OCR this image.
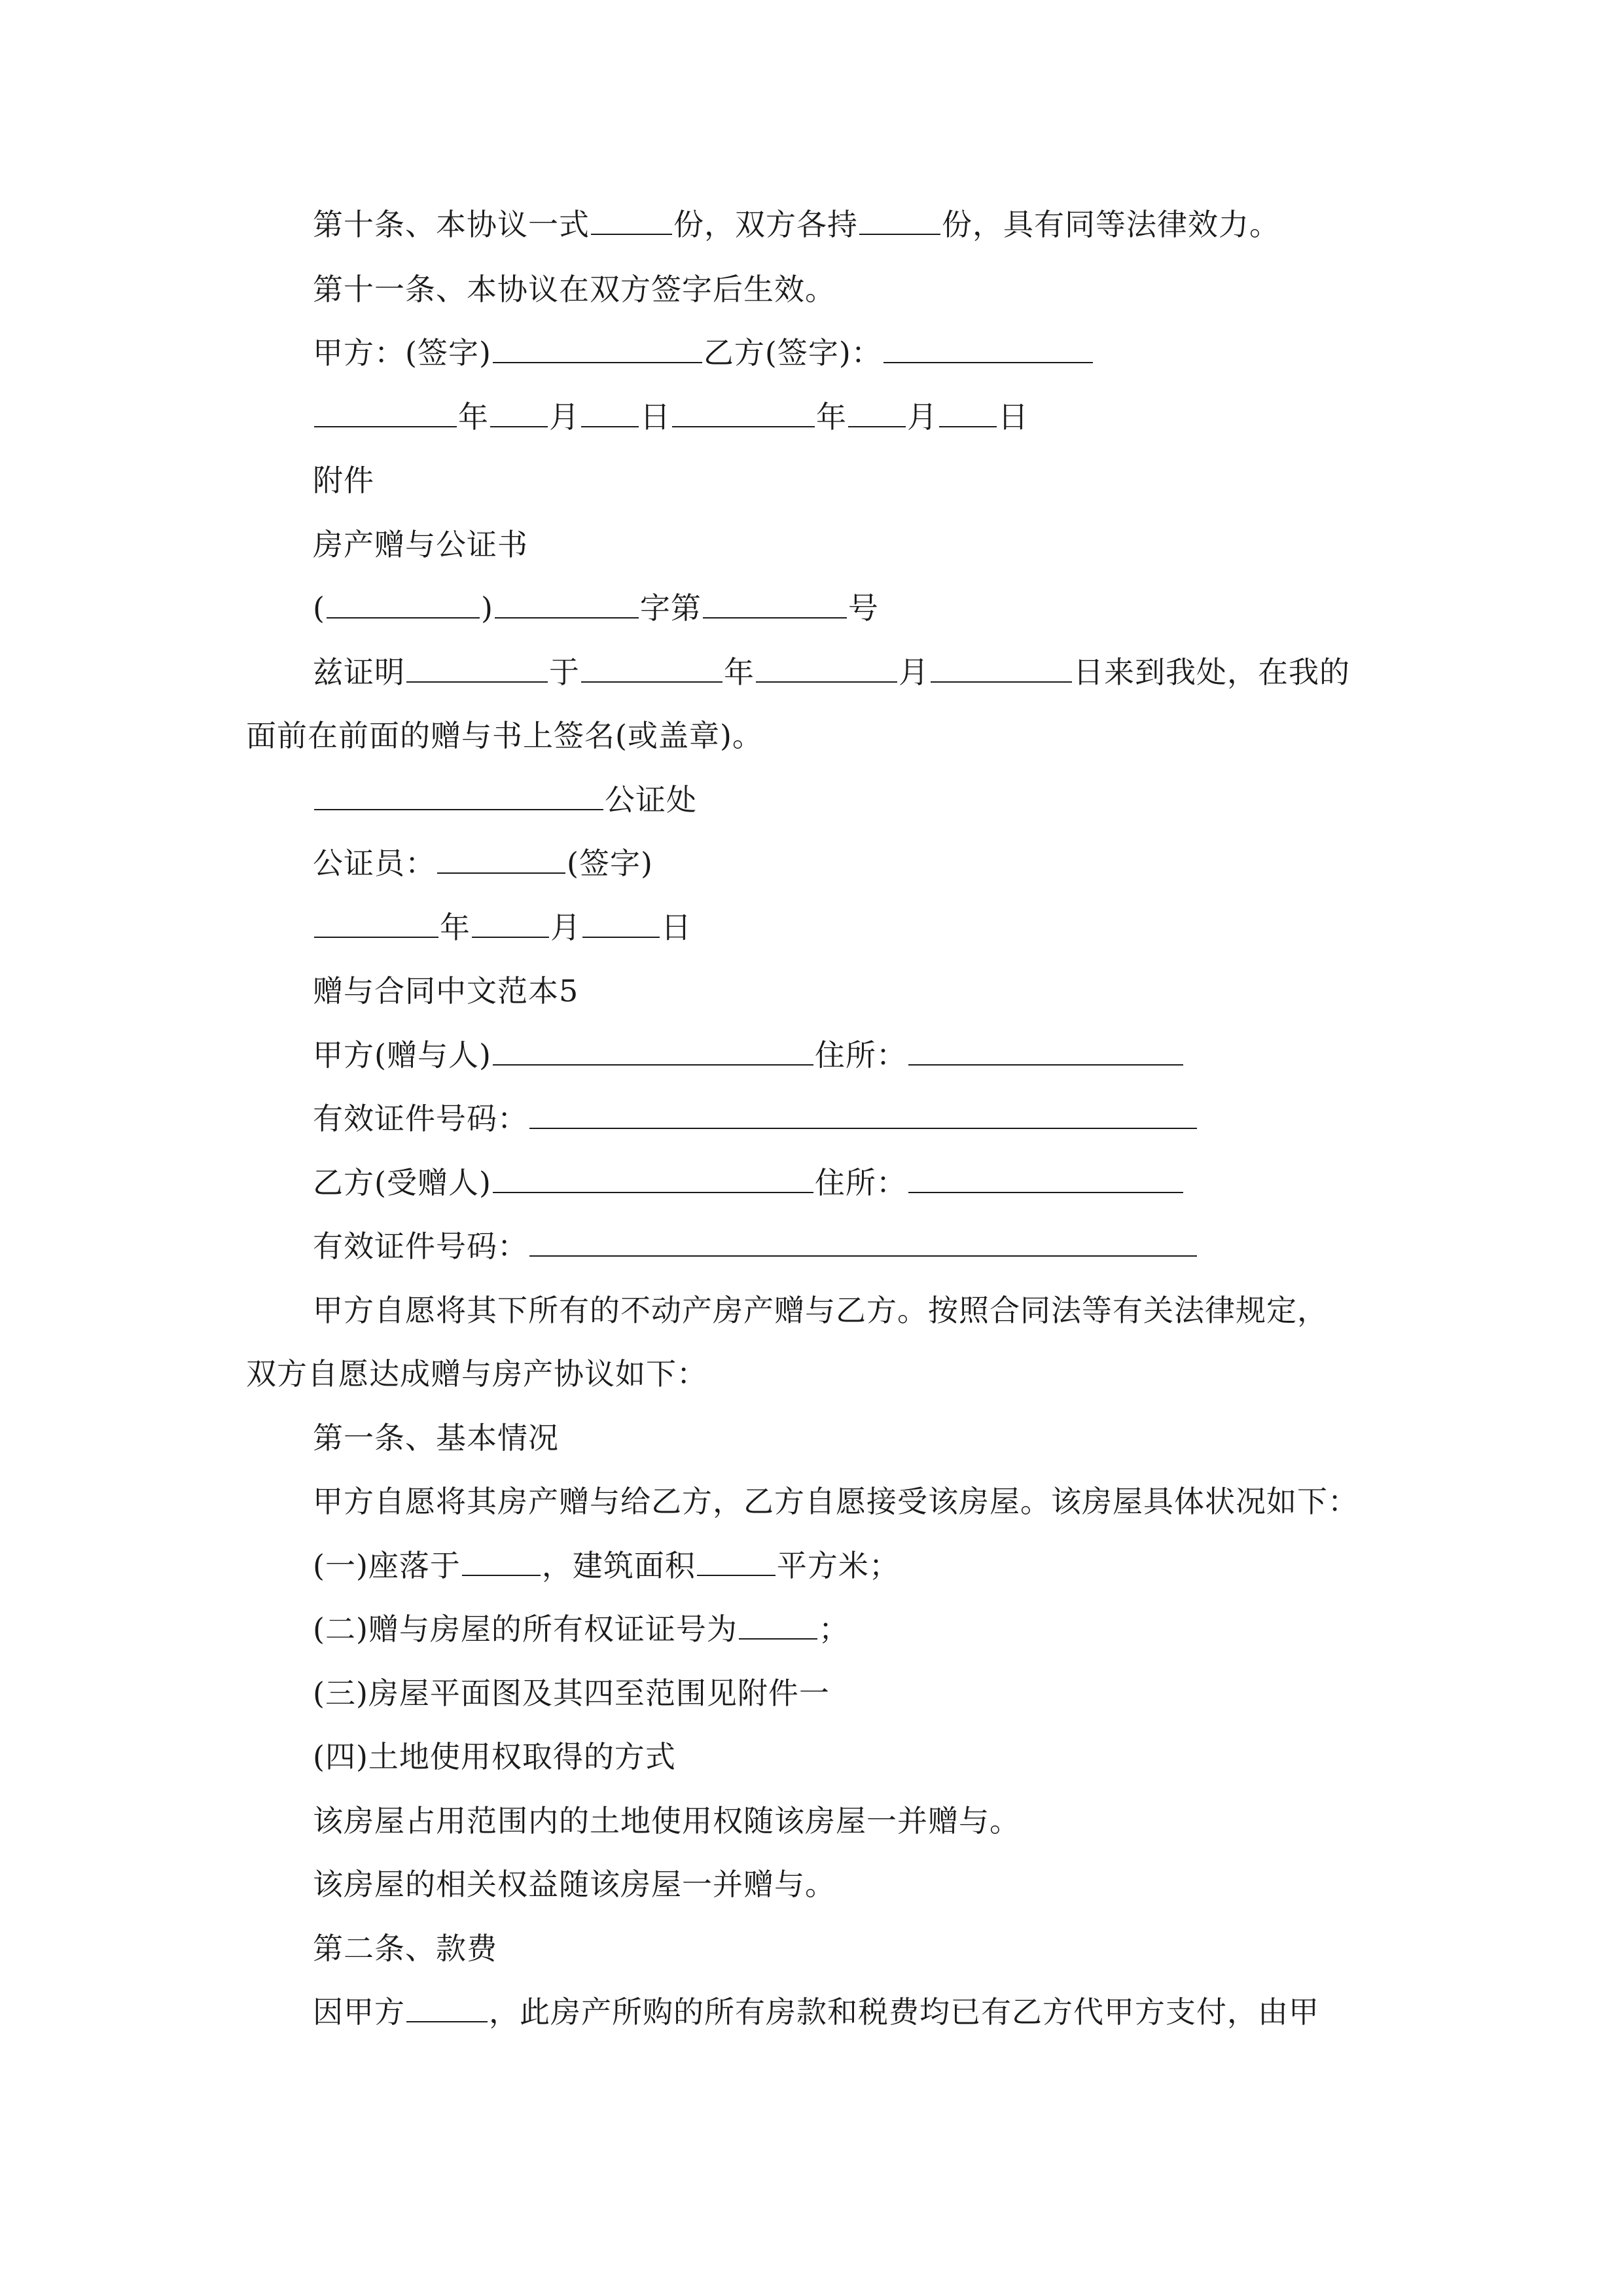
第十条、本协议一式	份，双方各持	份，具有同等法律效力。
第十一条、本协议在双方签字后生效。
甲方：(签字)	乙方(签字)：
年 月 日	年 月 日
附件
房产赠与公证书
(	)	字第	号
兹证明	于	年	月	日来到我处，在我的
面前在前面的赠与书上签名(或盖章)。
公证处
公证员：	(签字)
年	月	日
赠与合同中文范本5
甲方(赠与人)	住所：
有效证件号码：
乙方(受赠人)	住所：
有效证件号码：
甲方自愿将其下所有的不动产房产赠与乙方。按照合同法等有关法律规定，
双方自愿达成赠与房产协议如下：
第一条、基本情况
甲方自愿将其房产赠与给乙方，乙方自愿接受该房屋。该房屋具体状况如下：
(一)座落于	，建筑面积	平方米；
(二)赠与房屋的所有权证证号为	；
(三)房屋平面图及其四至范围见附件一
(四)土地使用权取得的方式
该房屋占用范围内的土地使用权随该房屋一并赠与。
该房屋的相关权益随该房屋一并赠与。
第二条、款费
因甲方	，此房产所购的所有房款和税费均已有乙方代甲方支付，由甲
